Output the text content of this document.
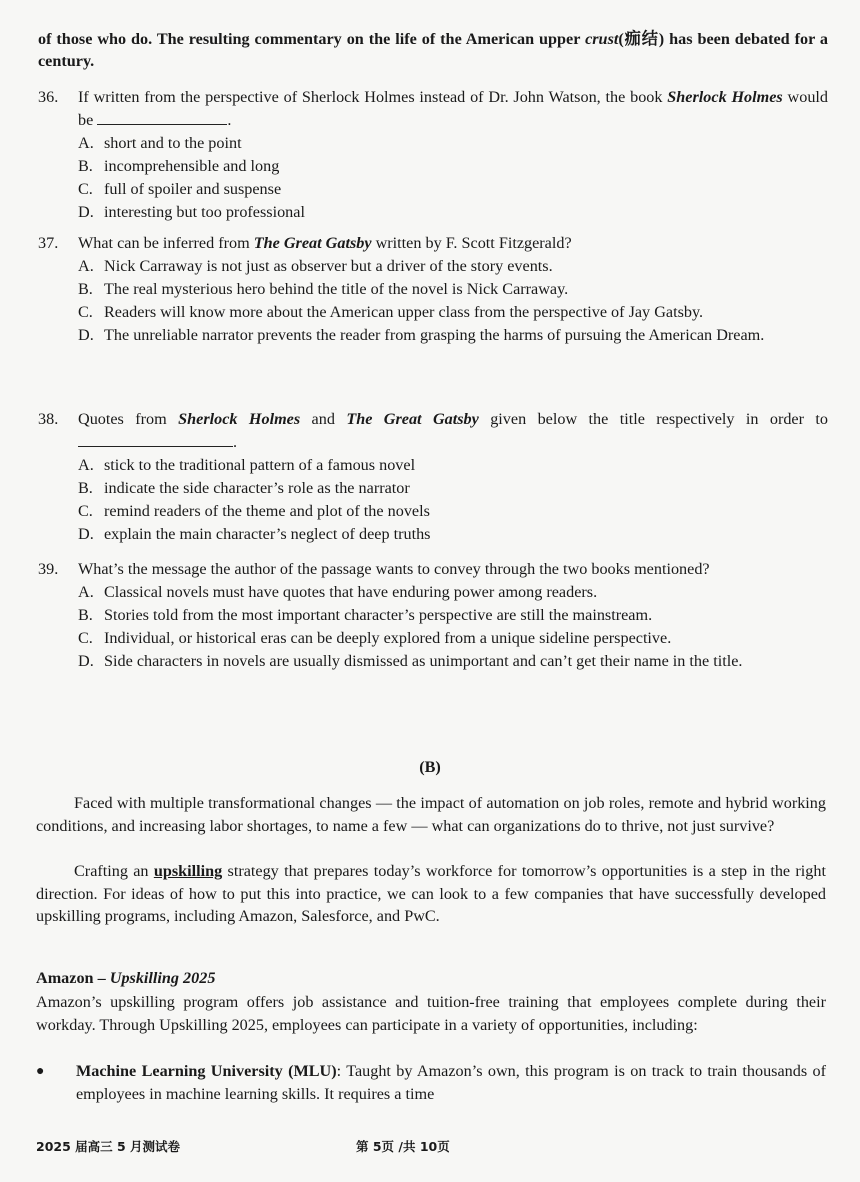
of those who do. The resulting commentary on the life of the American upper crust(痂结) has been debated for a century.
36.	If written from the perspective of Sherlock Holmes instead of Dr. John Watson, the book Sherlock Holmes would be	.
A. short and to the point
B. incomprehensible and long
C. full of spoiler and suspense
D. interesting but too professional
37.	What can be inferred from The Great Gatsby written by F. Scott Fitzgerald?
A. Nick Carraway is not just as observer but a driver of the story events.
B. The real mysterious hero behind the title of the novel is Nick Carraway.
C. Readers will know more about the American upper class from the perspective of Jay Gatsby.
D. The unreliable narrator prevents the reader from grasping the harms of pursuing the American Dream.
38.	Quotes from Sherlock Holmes and The Great Gatsby given below the title respectively in order to .
A. stick to the traditional pattern of a famous novel
B. indicate the side character’s role as the narrator
C. remind readers of the theme and plot of the novels
D. explain the main character’s neglect of deep truths
39.	What’s the message the author of the passage wants to convey through the two books mentioned?
A. Classical novels must have quotes that have enduring power among readers.
B. Stories told from the most important character’s perspective are still the mainstream.
C. Individual, or historical eras can be deeply explored from a unique sideline perspective.
D. Side characters in novels are usually dismissed as unimportant and can’t get their name in the title.
(B)
Faced with multiple transformational changes — the impact of automation on job roles, remote and hybrid working conditions, and increasing labor shortages, to name a few — what can organizations do to thrive, not just survive?
Crafting an upskilling strategy that prepares today’s workforce for tomorrow’s opportunities is a step in the right direction. For ideas of how to put this into practice, we can look to a few companies that have successfully developed upskilling programs, including Amazon, Salesforce, and PwC.
Amazon – Upskilling 2025
Amazon’s upskilling program offers job assistance and tuition-free training that employees complete during their workday. Through Upskilling 2025, employees can participate in a variety of opportunities, including:
●	Machine Learning University (MLU): Taught by Amazon’s own, this program is on track to train thousands of employees in machine learning skills. It requires a time
2025 届高三 5 月测试卷	第 5页 /共 10页
